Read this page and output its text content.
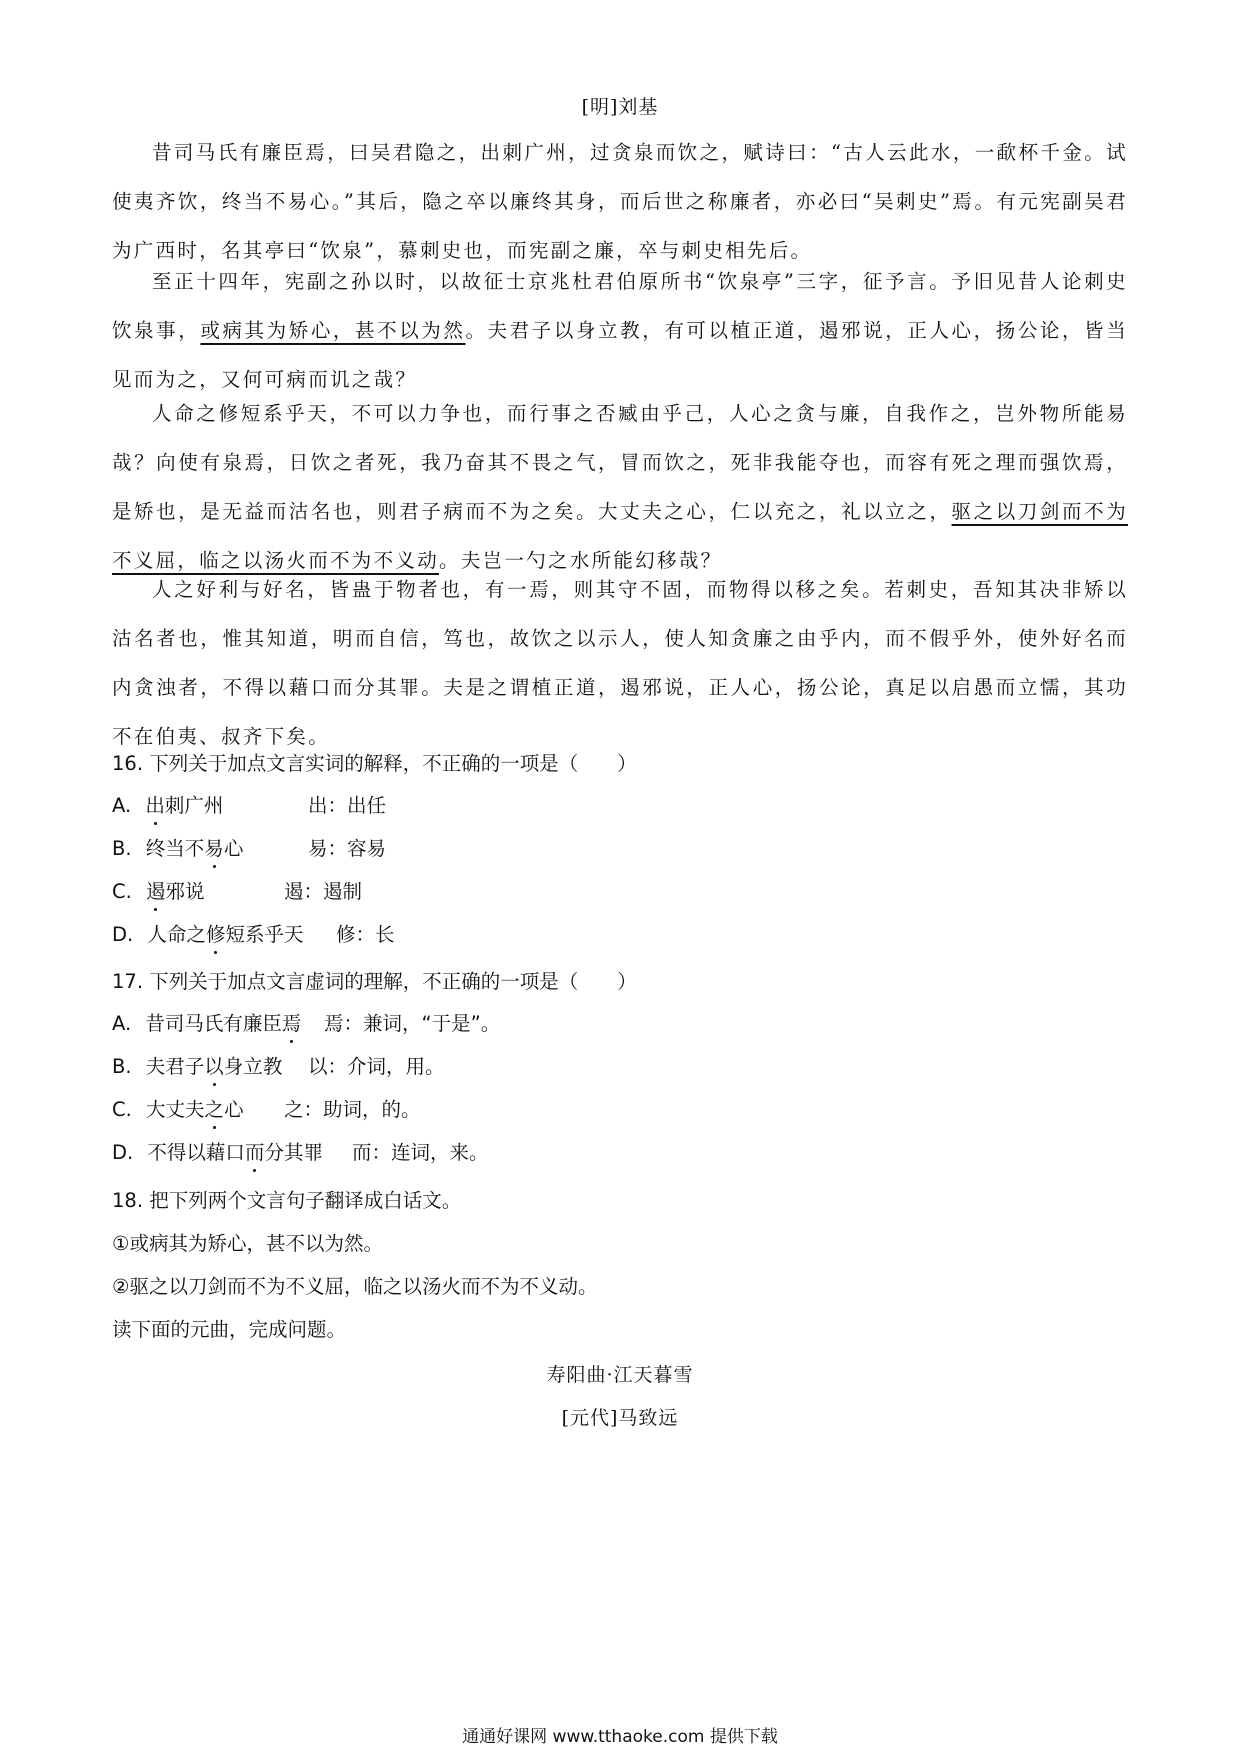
[明]刘基

昔司马氏有廉臣焉，曰吴君隐之，出刺广州，过贪泉而饮之，赋诗曰：“古人云此水，一歃杯千金。试使夷齐饮，终当不易心。”其后，隐之卒以廉终其身，而后世之称廉者，亦必曰“吴刺史”焉。有元宪副吴君为广西时，名其亭曰“饮泉”，慕刺史也，而宪副之廉，卒与刺史相先后。

至正十四年，宪副之孙以时，以故征士京兆杜君伯原所书“饮泉亭”三字，征予言。予旧见昔人论刺史饮泉事，或病其为矫心，甚不以为然。夫君子以身立教，有可以植正道，遏邪说，正人心，扬公论，皆当见而为之，又何可病而讥之哉？

人命之修短系乎天，不可以力争也，而行事之否臧由乎己，人心之贪与廉，自我作之，岂外物所能易哉？向使有泉焉，日饮之者死，我乃奋其不畏之气，冒而饮之，死非我能夺也，而容有死之理而强饮焉，是矫也，是无益而沽名也，则君子病而不为之矣。大丈夫之心，仁以充之，礼以立之，驱之以刀剑而不为不义屈，临之以汤火而不为不义动。夫岂一勺之水所能幻移哉？

人之好利与好名，皆蛊于物者也，有一焉，则其守不固，而物得以移之矣。若刺史，吾知其决非矫以沽名者也，惟其知道，明而自信，笃也，故饮之以示人，使人知贪廉之由乎内，而不假乎外，使外好名而内贪浊者，不得以藉口而分其罪。夫是之谓植正道，遏邪说，正人心，扬公论，真足以启愚而立懦，其功不在伯夷、叔齐下矣。

16. 下列关于加点文言实词的解释，不正确的一项是（　　）
A. 出刺广州	出：出任
B. 终当不易心	易：容易
C. 遏邪说	遏：遏制
D. 人命之修短系乎天 修：长
17. 下列关于加点文言虚词的理解，不正确的一项是（　　）
A. 昔司马氏有廉臣焉 焉：兼词，“于是”。
B. 夫君子以身立教 以：介词，用。
C. 大丈夫之心 之：助词，的。
D. 不得以藉口而分其罪 而：连词，来。
18. 把下列两个文言句子翻译成白话文。
①或病其为矫心，甚不以为然。
②驱之以刀剑而不为不义屈，临之以汤火而不为不义动。
读下面的元曲，完成问题。
寿阳曲·江天暮雪
[元代]马致远
通通好课网 www.tthaoke.com 提供下载
